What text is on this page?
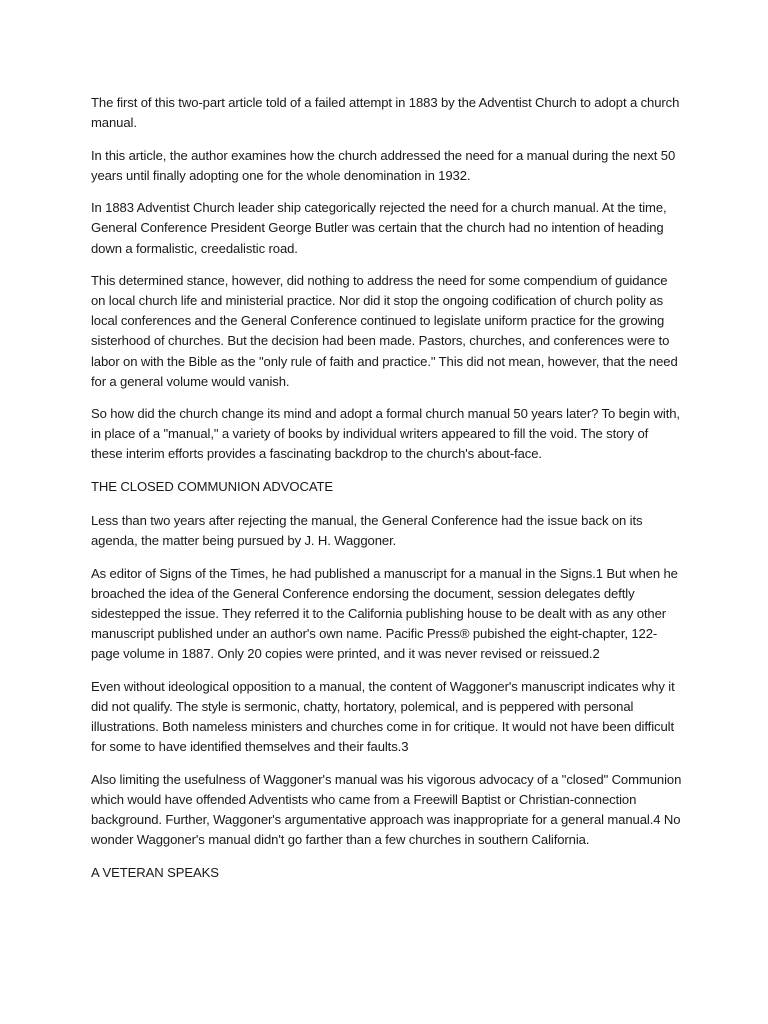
The first of this two-part article told of a failed attempt in 1883 by the Adventist Church to adopt a church manual.

In this article, the author examines how the church addressed the need for a manual during the next 50 years until finally adopting one for the whole denomination in 1932.

In 1883 Adventist Church leader ship categorically rejected the need for a church manual. At the time, General Conference President George Butler was certain that the church had no intention of heading down a formalistic, creedalistic road.

This determined stance, however, did nothing to address the need for some compendium of guidance on local church life and ministerial practice. Nor did it stop the ongoing codification of church polity as local conferences and the General Conference continued to legislate uniform practice for the growing sisterhood of churches. But the decision had been made. Pastors, churches, and conferences were to labor on with the Bible as the "only rule of faith and practice." This did not mean, however, that the need for a general volume would vanish.

So how did the church change its mind and adopt a formal church manual 50 years later? To begin with, in place of a "manual," a variety of books by individual writers appeared to fill the void. The story of these interim efforts provides a fascinating backdrop to the church's about-face.

THE CLOSED COMMUNION ADVOCATE

Less than two years after rejecting the manual, the General Conference had the issue back on its agenda, the matter being pursued by J. H. Waggoner.

As editor of Signs of the Times, he had published a manuscript for a manual in the Signs.1 But when he broached the idea of the General Conference endorsing the document, session delegates deftly sidestepped the issue. They referred it to the California publishing house to be dealt with as any other manuscript published under an author's own name. Pacific Press® pubished the eight-chapter, 122-page volume in 1887. Only 20 copies were printed, and it was never revised or reissued.2

Even without ideological opposition to a manual, the content of Waggoner's manuscript indicates why it did not qualify. The style is sermonic, chatty, hortatory, polemical, and is peppered with personal illustrations. Both nameless ministers and churches come in for critique. It would not have been difficult for some to have identified themselves and their faults.3

Also limiting the usefulness of Waggoner's manual was his vigorous advocacy of a "closed" Communion which would have offended Adventists who came from a Freewill Baptist or Christian-connection background. Further, Waggoner's argumentative approach was inappropriate for a general manual.4 No wonder Waggoner's manual didn't go farther than a few churches in southern California.

A VETERAN SPEAKS
